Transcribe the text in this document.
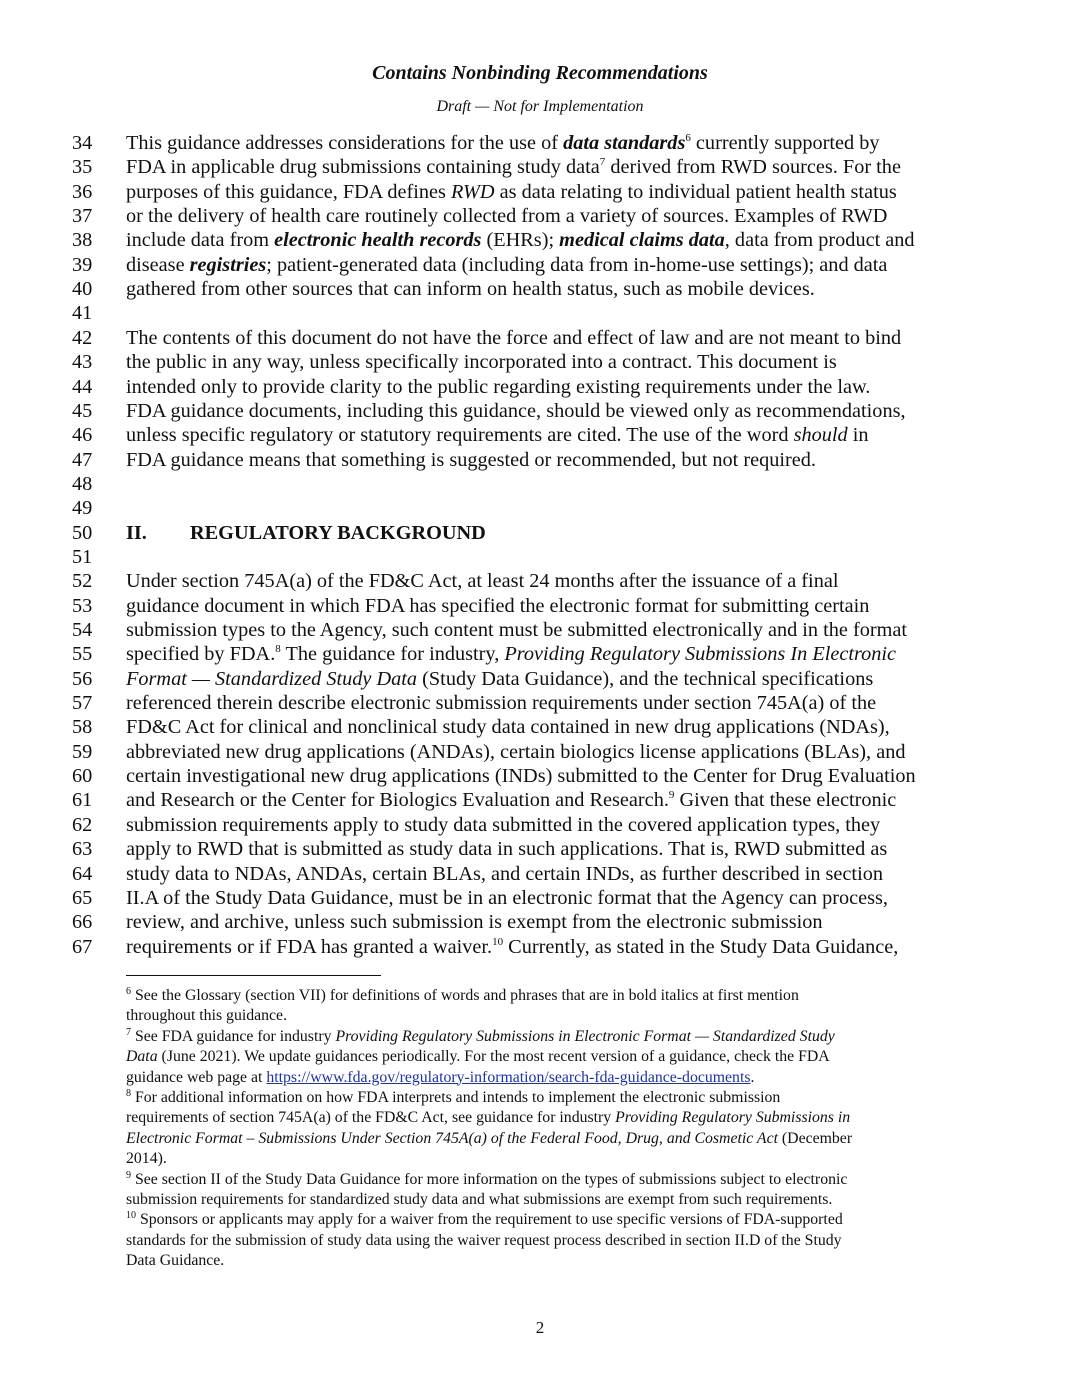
Contains Nonbinding Recommendations
Draft — Not for Implementation
34 This guidance addresses considerations for the use of data standards$^6$ currently supported by
35 FDA in applicable drug submissions containing study data$^7$ derived from RWD sources. For the
36 purposes of this guidance, FDA defines RWD as data relating to individual patient health status
37 or the delivery of health care routinely collected from a variety of sources. Examples of RWD
38 include data from electronic health records (EHRs); medical claims data, data from product and
39 disease registries; patient-generated data (including data from in-home-use settings); and data
40 gathered from other sources that can inform on health status, such as mobile devices.
41
42 The contents of this document do not have the force and effect of law and are not meant to bind
43 the public in any way, unless specifically incorporated into a contract. This document is
44 intended only to provide clarity to the public regarding existing requirements under the law.
45 FDA guidance documents, including this guidance, should be viewed only as recommendations,
46 unless specific regulatory or statutory requirements are cited. The use of the word should in
47 FDA guidance means that something is suggested or recommended, but not required.
48
49
50 II. REGULATORY BACKGROUND
51
52 Under section 745A(a) of the FD&C Act, at least 24 months after the issuance of a final
53 guidance document in which FDA has specified the electronic format for submitting certain
54 submission types to the Agency, such content must be submitted electronically and in the format
55 specified by FDA.$^8$ The guidance for industry, Providing Regulatory Submissions In Electronic
56 Format — Standardized Study Data (Study Data Guidance), and the technical specifications
57 referenced therein describe electronic submission requirements under section 745A(a) of the
58 FD&C Act for clinical and nonclinical study data contained in new drug applications (NDAs),
59 abbreviated new drug applications (ANDAs), certain biologics license applications (BLAs), and
60 certain investigational new drug applications (INDs) submitted to the Center for Drug Evaluation
61 and Research or the Center for Biologics Evaluation and Research.$^9$ Given that these electronic
62 submission requirements apply to study data submitted in the covered application types, they
63 apply to RWD that is submitted as study data in such applications. That is, RWD submitted as
64 study data to NDAs, ANDAs, certain BLAs, and certain INDs, as further described in section
65 II.A of the Study Data Guidance, must be in an electronic format that the Agency can process,
66 review, and archive, unless such submission is exempt from the electronic submission
67 requirements or if FDA has granted a waiver.$^{10}$ Currently, as stated in the Study Data Guidance,
$^6$ See the Glossary (section VII) for definitions of words and phrases that are in bold italics at first mention
throughout this guidance.
$^7$ See FDA guidance for industry Providing Regulatory Submissions in Electronic Format — Standardized Study
Data (June 2021). We update guidances periodically. For the most recent version of a guidance, check the FDA
guidance web page at https://www.fda.gov/regulatory-information/search-fda-guidance-documents.
$^8$ For additional information on how FDA interprets and intends to implement the electronic submission
requirements of section 745A(a) of the FD&C Act, see guidance for industry Providing Regulatory Submissions in
Electronic Format – Submissions Under Section 745A(a) of the Federal Food, Drug, and Cosmetic Act (December
2014).
$^9$ See section II of the Study Data Guidance for more information on the types of submissions subject to electronic
submission requirements for standardized study data and what submissions are exempt from such requirements.
$^{10}$ Sponsors or applicants may apply for a waiver from the requirement to use specific versions of FDA-supported
standards for the submission of study data using the waiver request process described in section II.D of the Study
Data Guidance.
2
